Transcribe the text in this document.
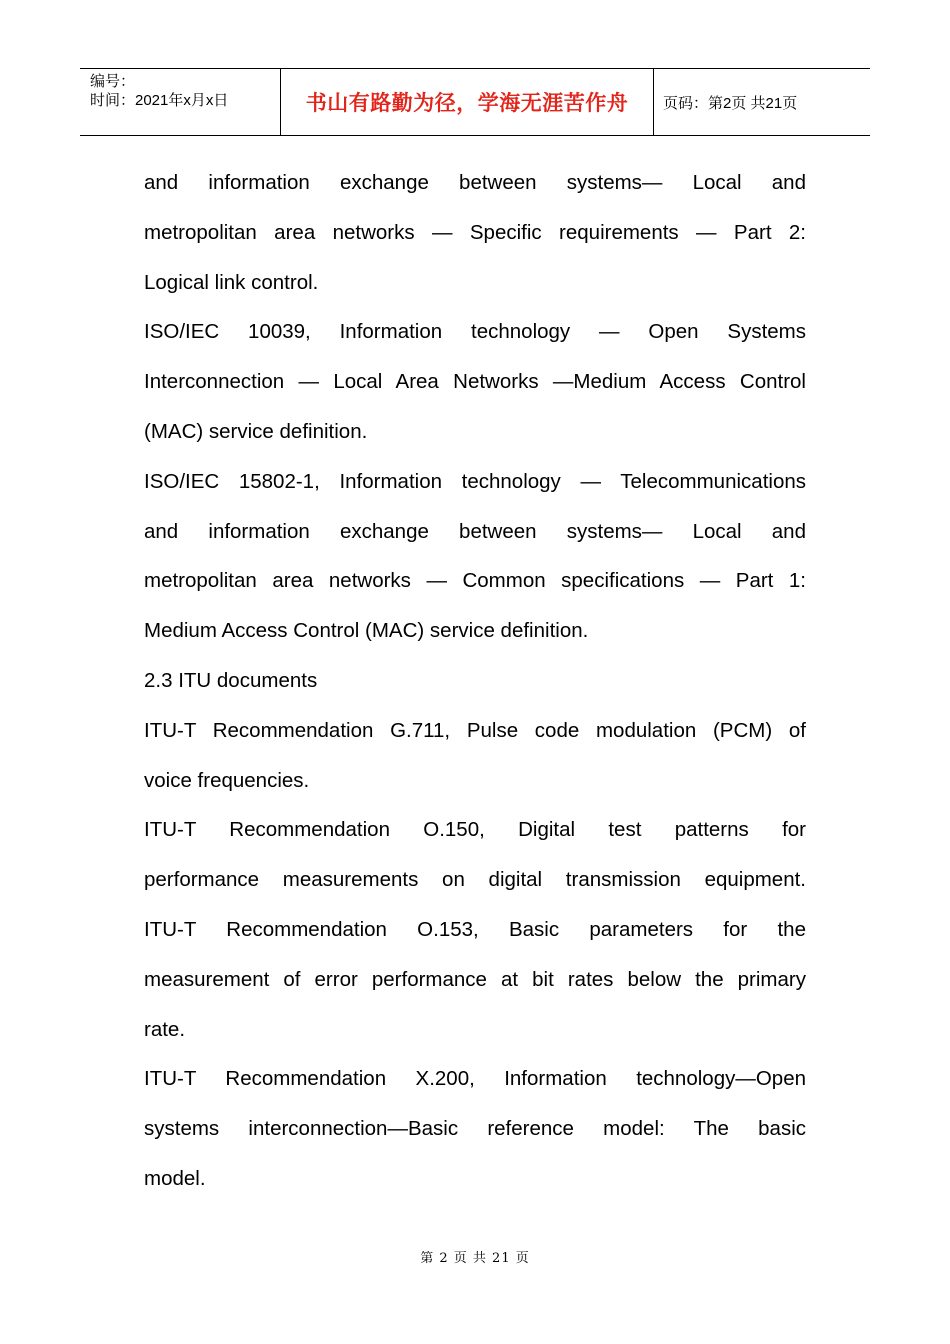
编号：
时间：2021年x月x日	书山有路勤为径，学海无涯苦作舟 页码：第2页 共21页
and information exchange between systems— Local and
metropolitan area networks — Specific requirements — Part 2:
Logical link control.
ISO/IEC 10039, Information technology — Open Systems
Interconnection — Local Area Networks —Medium Access Control
(MAC) service definition.
ISO/IEC 15802-1, Information technology — Telecommunications
and information exchange between systems— Local and
metropolitan area networks — Common specifications — Part 1:
Medium Access Control (MAC) service definition.
2.3 ITU documents
ITU-T Recommendation G.711, Pulse code modulation (PCM) of
voice frequencies.
ITU-T Recommendation O.150, Digital test patterns for
performance measurements on digital transmission equipment.
ITU-T Recommendation O.153, Basic parameters for the
measurement of error performance at bit rates below the primary
rate.
ITU-T Recommendation X.200, Information technology—Open
systems interconnection—Basic reference model: The basic
model.
第 2 页 共 21 页
